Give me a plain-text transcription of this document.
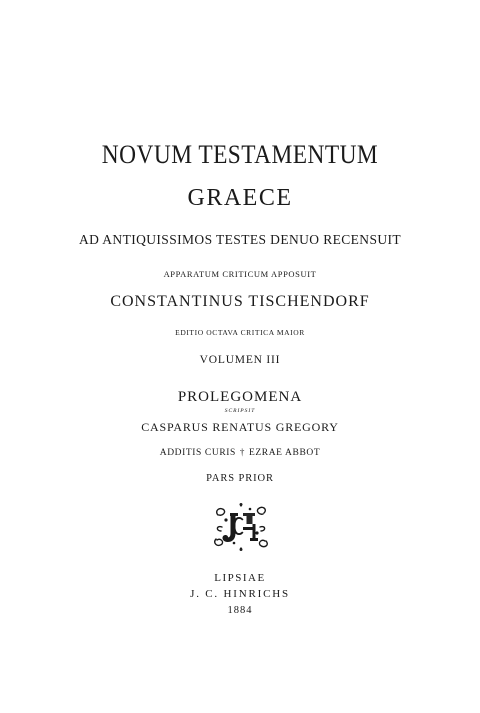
NOVUM TESTAMENTUM
GRAECE
AD ANTIQUISSIMOS TESTES DENUO RECENSUIT
APPARATUM CRITICUM APPOSUIT
CONSTANTINUS TISCHENDORF
EDITIO OCTAVA CRITICA MAIOR
VOLUMEN III
PROLEGOMENA
SCRIPSIT
CASPARUS RENATUS GREGORY
ADDITIS CURIS † EZRAE ABBOT
PARS PRIOR
LIPSIAE
J. C. HINRICHS
1884
